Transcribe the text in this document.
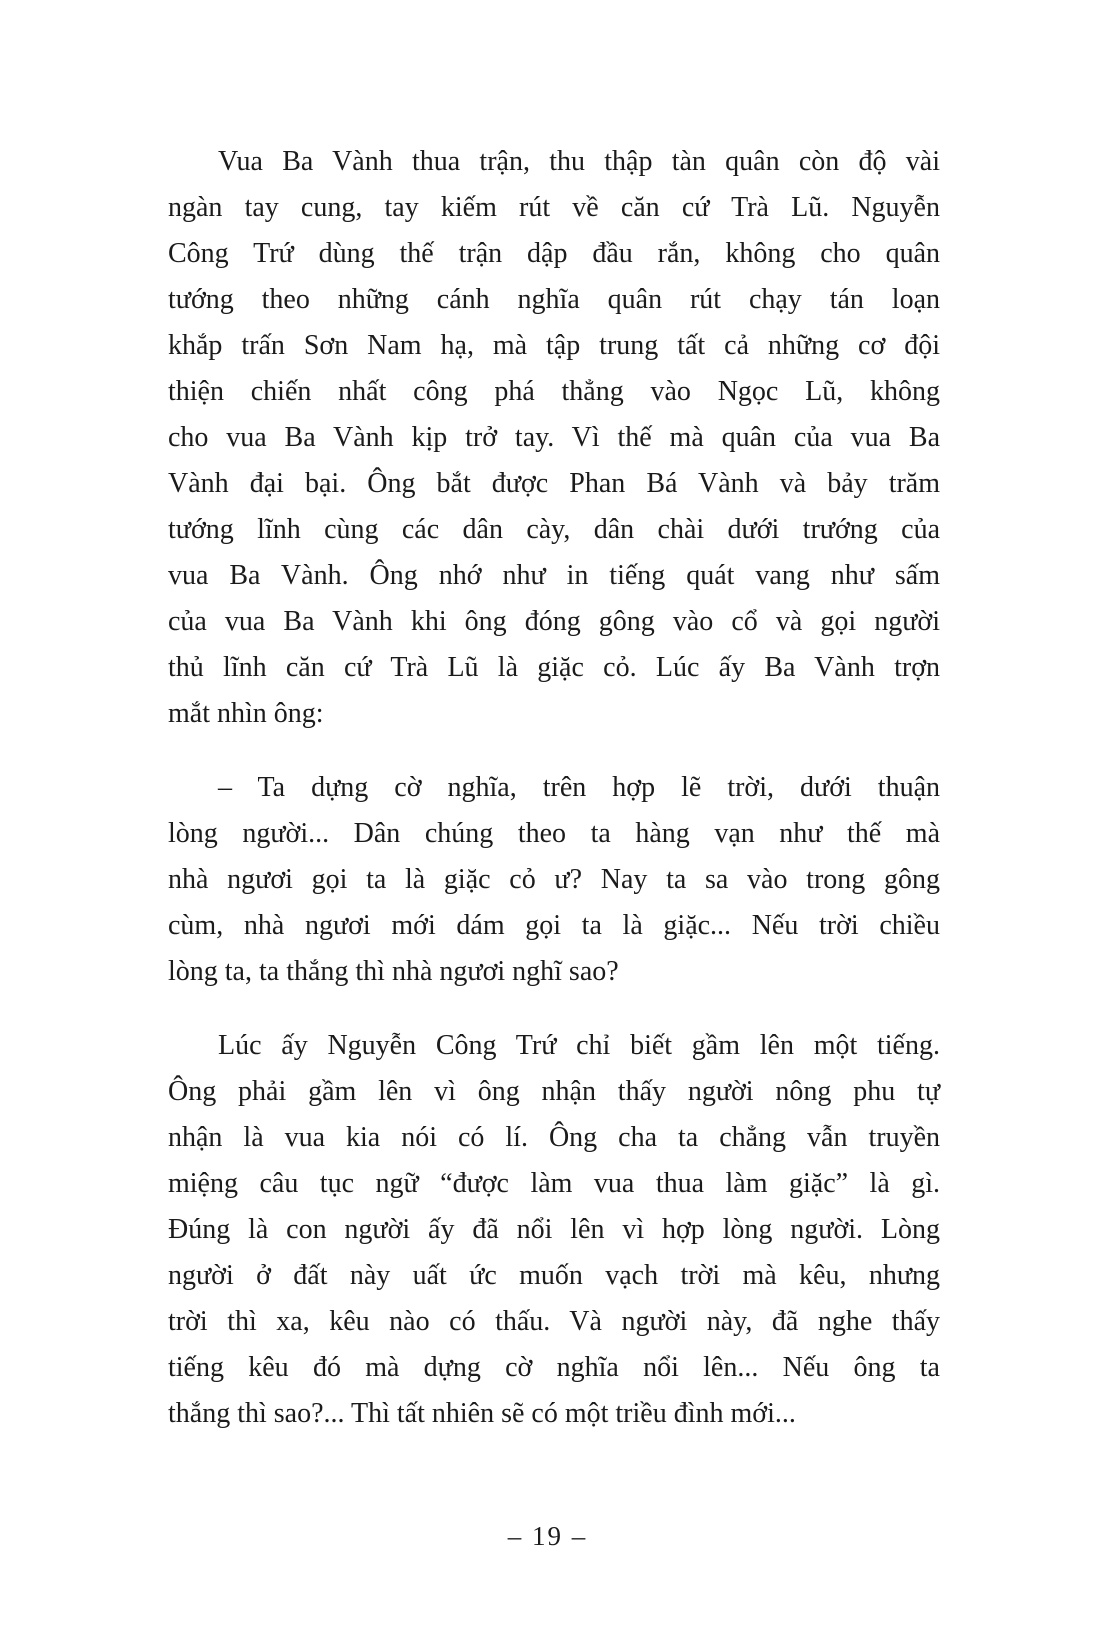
Vua Ba Vành thua trận, thu thập tàn quân còn độ vài
ngàn tay cung, tay kiếm rút về căn cứ Trà Lũ. Nguyễn
Công Trứ dùng thế trận dập đầu rắn, không cho quân
tướng theo những cánh nghĩa quân rút chạy tán loạn
khắp trấn Sơn Nam hạ, mà tập trung tất cả những cơ đội
thiện chiến nhất công phá thẳng vào Ngọc Lũ, không
cho vua Ba Vành kịp trở tay. Vì thế mà quân của vua Ba
Vành đại bại. Ông bắt được Phan Bá Vành và bảy trăm
tướng lĩnh cùng các dân cày, dân chài dưới trướng của
vua Ba Vành. Ông nhớ như in tiếng quát vang như sấm
của vua Ba Vành khi ông đóng gông vào cổ và gọi người
thủ lĩnh căn cứ Trà Lũ là giặc cỏ. Lúc ấy Ba Vành trợn
mắt nhìn ông:
– Ta dựng cờ nghĩa, trên hợp lẽ trời, dưới thuận
lòng người... Dân chúng theo ta hàng vạn như thế mà
nhà ngươi gọi ta là giặc cỏ ư? Nay ta sa vào trong gông
cùm, nhà ngươi mới dám gọi ta là giặc... Nếu trời chiều
lòng ta, ta thắng thì nhà ngươi nghĩ sao?
Lúc ấy Nguyễn Công Trứ chỉ biết gầm lên một tiếng.
Ông phải gầm lên vì ông nhận thấy người nông phu tự
nhận là vua kia nói có lí. Ông cha ta chẳng vẫn truyền
miệng câu tục ngữ “được làm vua thua làm giặc” là gì.
Đúng là con người ấy đã nổi lên vì hợp lòng người. Lòng
người ở đất này uất ức muốn vạch trời mà kêu, nhưng
trời thì xa, kêu nào có thấu. Và người này, đã nghe thấy
tiếng kêu đó mà dựng cờ nghĩa nổi lên... Nếu ông ta
thắng thì sao?... Thì tất nhiên sẽ có một triều đình mới...
– 19 –
